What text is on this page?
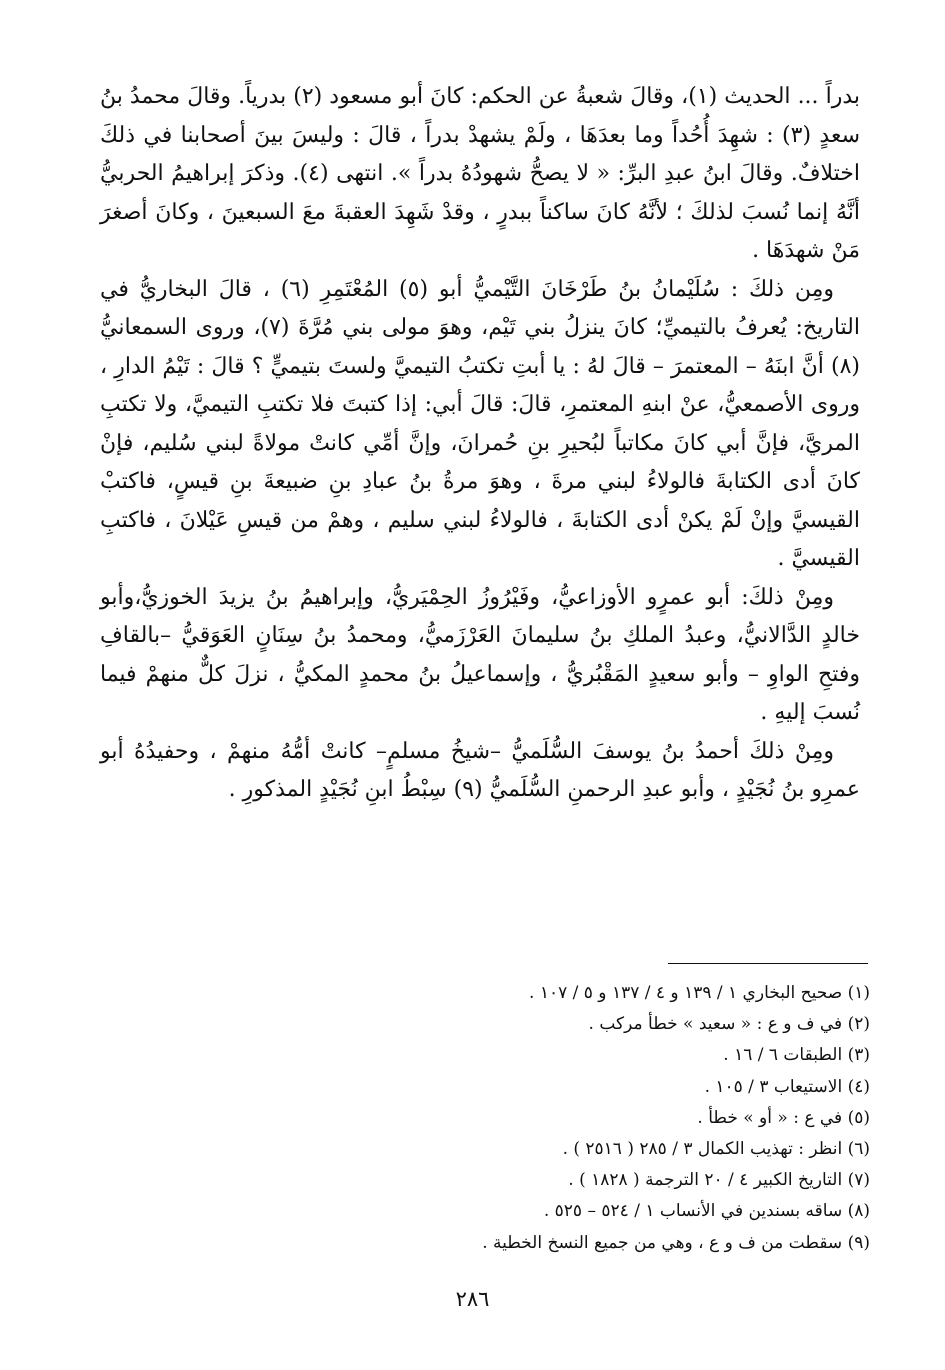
بدراً ... الحديث (١)، وقالَ شعبةُ عن الحكم: كانَ أبو مسعود (٢) بدرياً. وقالَ محمدُ بنُ سعدٍ (٣) : شهِدَ أُحُداً وما بعدَهَا ، ولَمْ يشهدْ بدراً ، قالَ : وليسَ بينَ أصحابنا في ذلكَ اختلافٌ. وقالَ ابنُ عبدِ البرِّ: « لا يصحُّ شهودُهُ بدراً ». انتهى (٤). وذكرَ إبراهيمُ الحربيُّ أنَّهُ إنما نُسبَ لذلكَ ؛ لأنَّهُ كانَ ساكناً ببدرٍ ، وقدْ شَهِدَ العقبةَ معَ السبعينَ ، وكانَ أصغرَ مَنْ شهدَهَا .

ومِن ذلكَ : سُلَيْمانُ بنُ طَرْخَانَ التَّيْميُّ أبو (٥) المُعْتَمِرِ (٦) ، قالَ البخاريُّ في التاريخ: يُعرفُ بالتيميِّ؛ كانَ ينزلُ بني تَيْم، وهوَ مولى بني مُرَّةَ (٧)، وروى السمعانيُّ (٨) أنَّ ابنَهُ – المعتمرَ – قالَ لهُ : يا أبتِ تكتبُ التيميَّ ولستَ بتيميٍّ ؟ قالَ : تَيْمُ الدارِ ، وروى الأصمعيُّ، عنْ ابنهِ المعتمرِ، قالَ: قالَ أبي: إذا كتبتَ فلا تكتبِ التيميَّ، ولا تكتبِ المريَّ، فإنَّ أبي كانَ مكاتباً لبُحيرِ بنِ حُمرانَ، وإنَّ أمِّي كانتْ مولاةً لبني سُليم، فإنْ كانَ أدى الكتابةَ فالولاءُ لبني مرةَ ، وهوَ مرةُ بنُ عبادِ بنِ ضبيعةَ بنِ قيسٍ، فاكتبْ القيسيَّ وإنْ لَمْ يكنْ أدى الكتابةَ ، فالولاءُ لبني سليم ، وهمْ من قيسِ عَيْلانَ ، فاكتبِ القيسيَّ .

ومِنْ ذلكَ: أبو عمرٍو الأوزاعيُّ، وفَيْرُوزُ الحِمْيَريُّ، وإبراهيمُ بنُ يزيدَ الخوزيُّ،وأبو خالدٍ الدَّالانيُّ، وعبدُ الملكِ بنُ سليمانَ العَرْزَميُّ، ومحمدُ بنُ سِنَانٍ العَوَقيُّ –بالقافِ وفتحِ الواوِ – وأبو سعيدٍ المَقْبُريُّ ، وإسماعيلُ بنُ محمدٍ المكيُّ ، نزلَ كلٌّ منهمْ فيما نُسبَ إليهِ .

ومِنْ ذلكَ أحمدُ بنُ يوسفَ السُّلَميُّ –شيخُ مسلمٍ– كانتْ أمُّهُ منهمْ ، وحفيدُهُ أبو عمرِو بنُ نُجَيْدٍ ، وأبو عبدِ الرحمنِ السُّلَميُّ (٩) سِبْطُ ابنِ نُجَيْدٍ المذكورِ .

(١) صحيح البخاري ١ / ١٣٩ و ٤ / ١٣٧ و ٥ / ١٠٧ .

(٢) في ف و ع : « سعيد » خطأ مركب .

(٣) الطبقات ٦ / ١٦ .

(٤) الاستيعاب ٣ / ١٠٥ .

(٥) في ع : « أو » خطأ .

(٦) انظر : تهذيب الكمال ٣ / ٢٨٥ ( ٢٥١٦ ) .

(٧) التاريخ الكبير ٤ / ٢٠ الترجمة ( ١٨٢٨ ) .

(٨) ساقه بسندين في الأنساب ١ / ٥٢٤ – ٥٢٥ .

(٩) سقطت من ف و ع ، وهي من جميع النسخ الخطية .

٢٨٦
